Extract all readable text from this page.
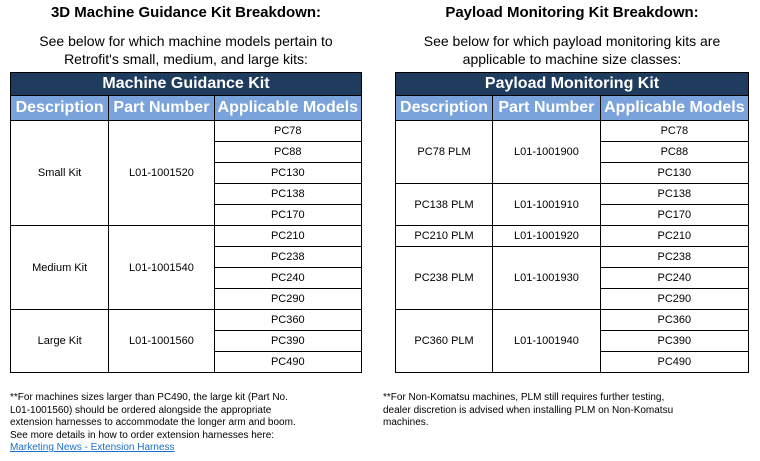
3D Machine Guidance Kit Breakdown:
See below for which machine models pertain to
Retrofit's small, medium, and large kits:
Machine Guidance Kit		
Description	Part Number	Applicable Models
Small Kit	L01-1001520	PC78
		PC88
		PC130
		PC138
		PC170
Medium Kit	L01-1001540	PC210
		PC238
		PC240
		PC290
Large Kit	L01-1001560	PC360
		PC390
		PC490
Payload Monitoring Kit Breakdown:
See below for which payload monitoring kits are
applicable to machine size classes:
Payload Monitoring Kit		
Description	Part Number	Applicable Models
PC78 PLM	L01-1001900	PC78
		PC88
		PC130
PC138 PLM	L01-1001910	PC138
		PC170
PC210 PLM	L01-1001920	PC210
PC238 PLM	L01-1001930	PC238
		PC240
		PC290
PC360 PLM	L01-1001940	PC360
		PC390
		PC490
**For machines sizes larger than PC490, the large kit (Part No.
L01-1001560) should be ordered alongside the appropriate
extension harnesses to accommodate the longer arm and boom.
See more details in how to order extension harnesses here:
Marketing News - Extension Harness
**For Non-Komatsu machines, PLM still requires further testing,
dealer discretion is advised when installing PLM on Non-Komatsu
machines.
